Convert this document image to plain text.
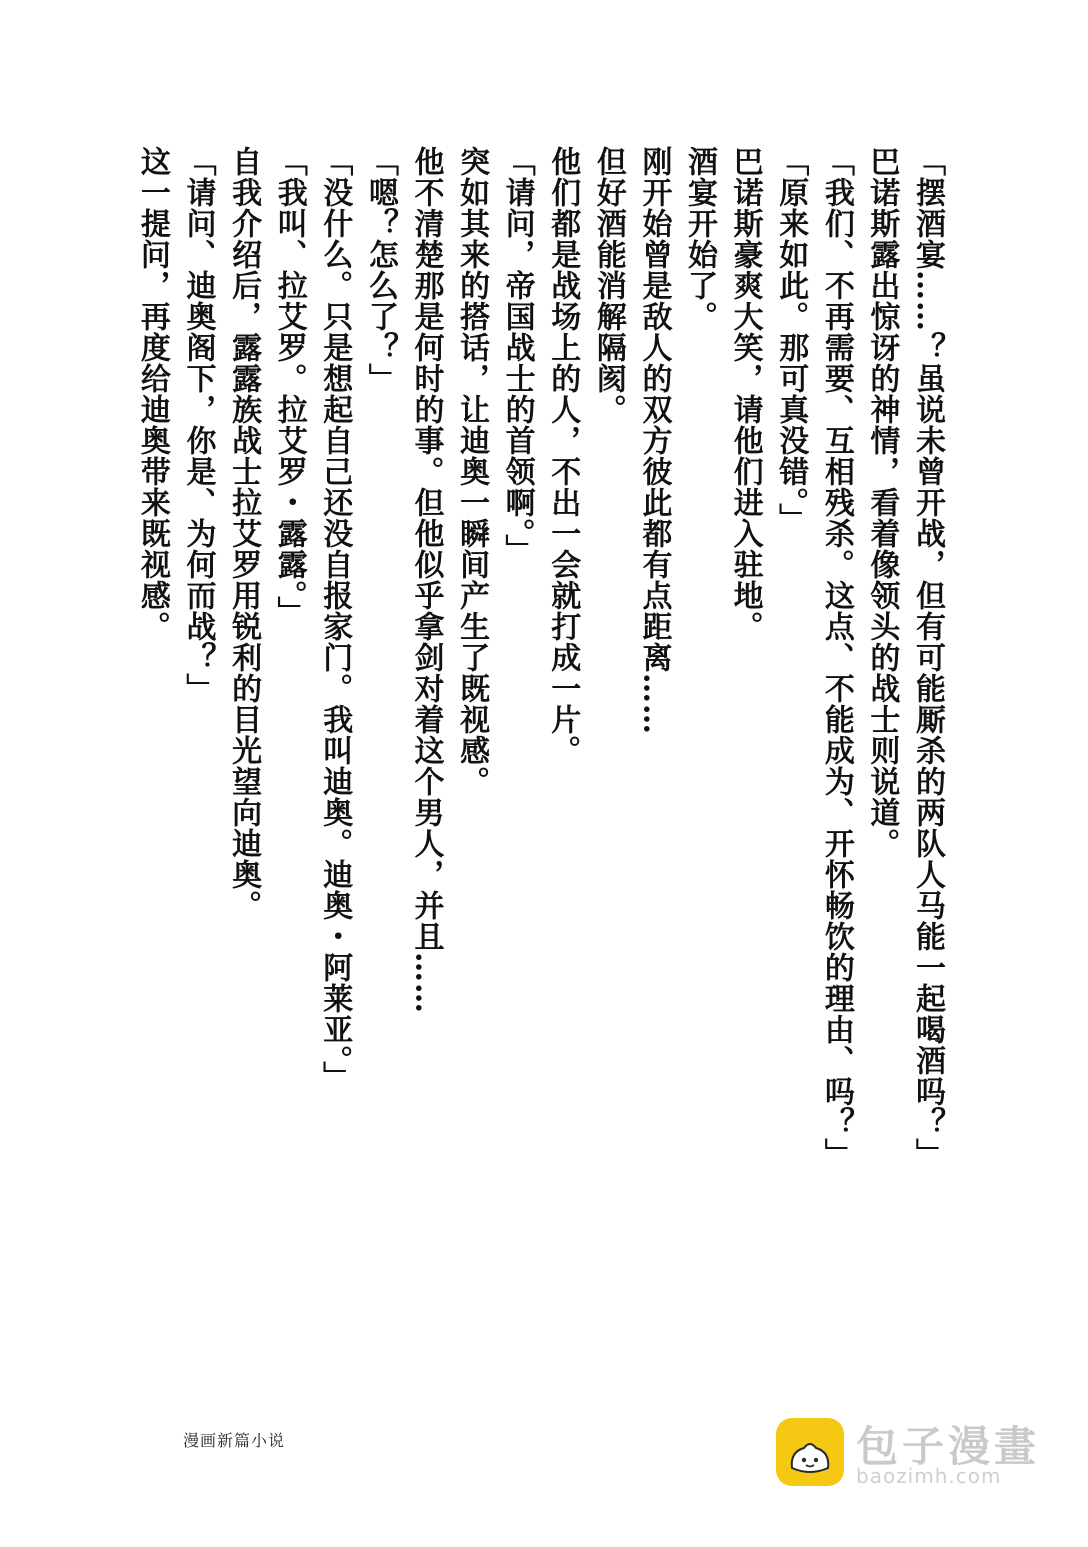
「摆酒宴……？虽说未曾开战，但有可能厮杀的两队人马能一起喝酒吗？」

巴诺斯露出惊讶的神情，看着像领头的战士则说道。

「我们、不再需要、互相残杀。这点、不能成为、开怀畅饮的理由、吗？」

「原来如此。那可真没错。」

巴诺斯豪爽大笑，请他们进入驻地。

酒宴开始了。

刚开始曾是敌人的双方彼此都有点距离……

但好酒能消解隔阂。

他们都是战场上的人，不出一会就打成一片。

「请问，帝国战士的首领啊。」

突如其来的搭话，让迪奥一瞬间产生了既视感。

他不清楚那是何时的事。但他似乎拿剑对着这个男人，并且……

「嗯？怎么了？」

「没什么。只是想起自己还没自报家门。我叫迪奥。迪奥・阿莱亚。」

「我叫、拉艾罗。拉艾罗・露露。」

自我介绍后，露露族战士拉艾罗用锐利的目光望向迪奥。

「请问、迪奥阁下，你是、为何而战？」

这一提问，再度给迪奥带来既视感。

漫画新篇小说	包子漫畫
baozimh.com
